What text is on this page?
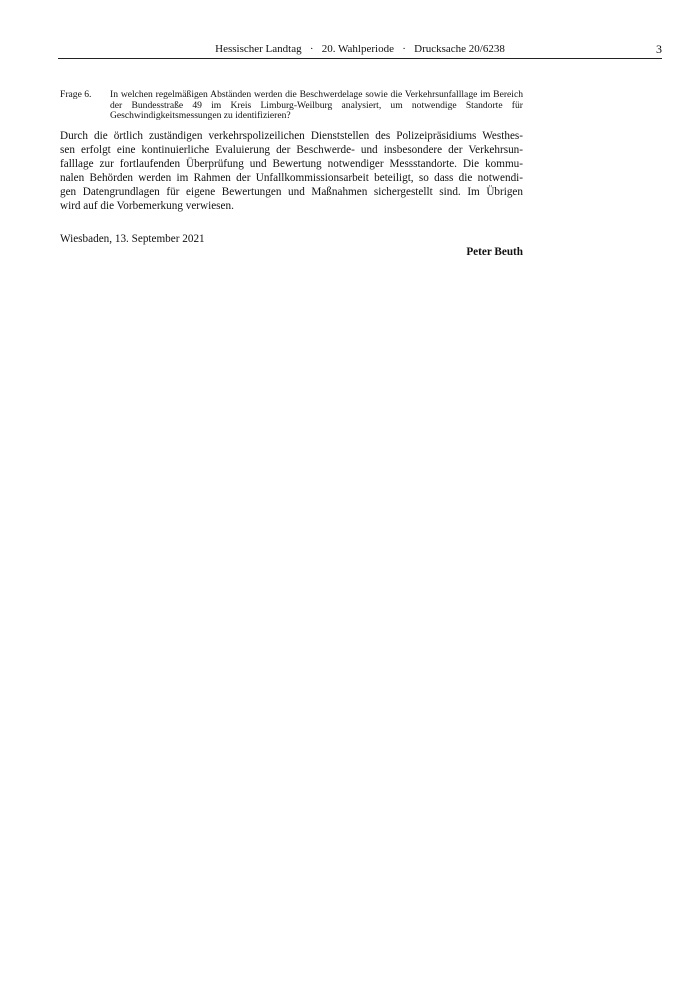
Hessischer Landtag   ·   20. Wahlperiode   ·   Drucksache 20/6238	3
Frage 6. In welchen regelmäßigen Abständen werden die Beschwerdelage sowie die Verkehrsunfalllage im Bereich der Bundesstraße 49 im Kreis Limburg-Weilburg analysiert, um notwendige Standorte für Geschwindigkeitsmessungen zu identifizieren?
Durch die örtlich zuständigen verkehrspolizeilichen Dienststellen des Polizeipräsidiums Westhes-
sen erfolgt eine kontinuierliche Evaluierung der Beschwerde- und insbesondere der Verkehrsun-
falllage zur fortlaufenden Überprüfung und Bewertung notwendiger Messstandorte. Die kommu-
nalen Behörden werden im Rahmen der Unfallkommissionsarbeit beteiligt, so dass die notwendi-
gen Datengrundlagen für eigene Bewertungen und Maßnahmen sichergestellt sind. Im Übrigen
wird auf die Vorbemerkung verwiesen.
Wiesbaden, 13. September 2021
Peter Beuth
